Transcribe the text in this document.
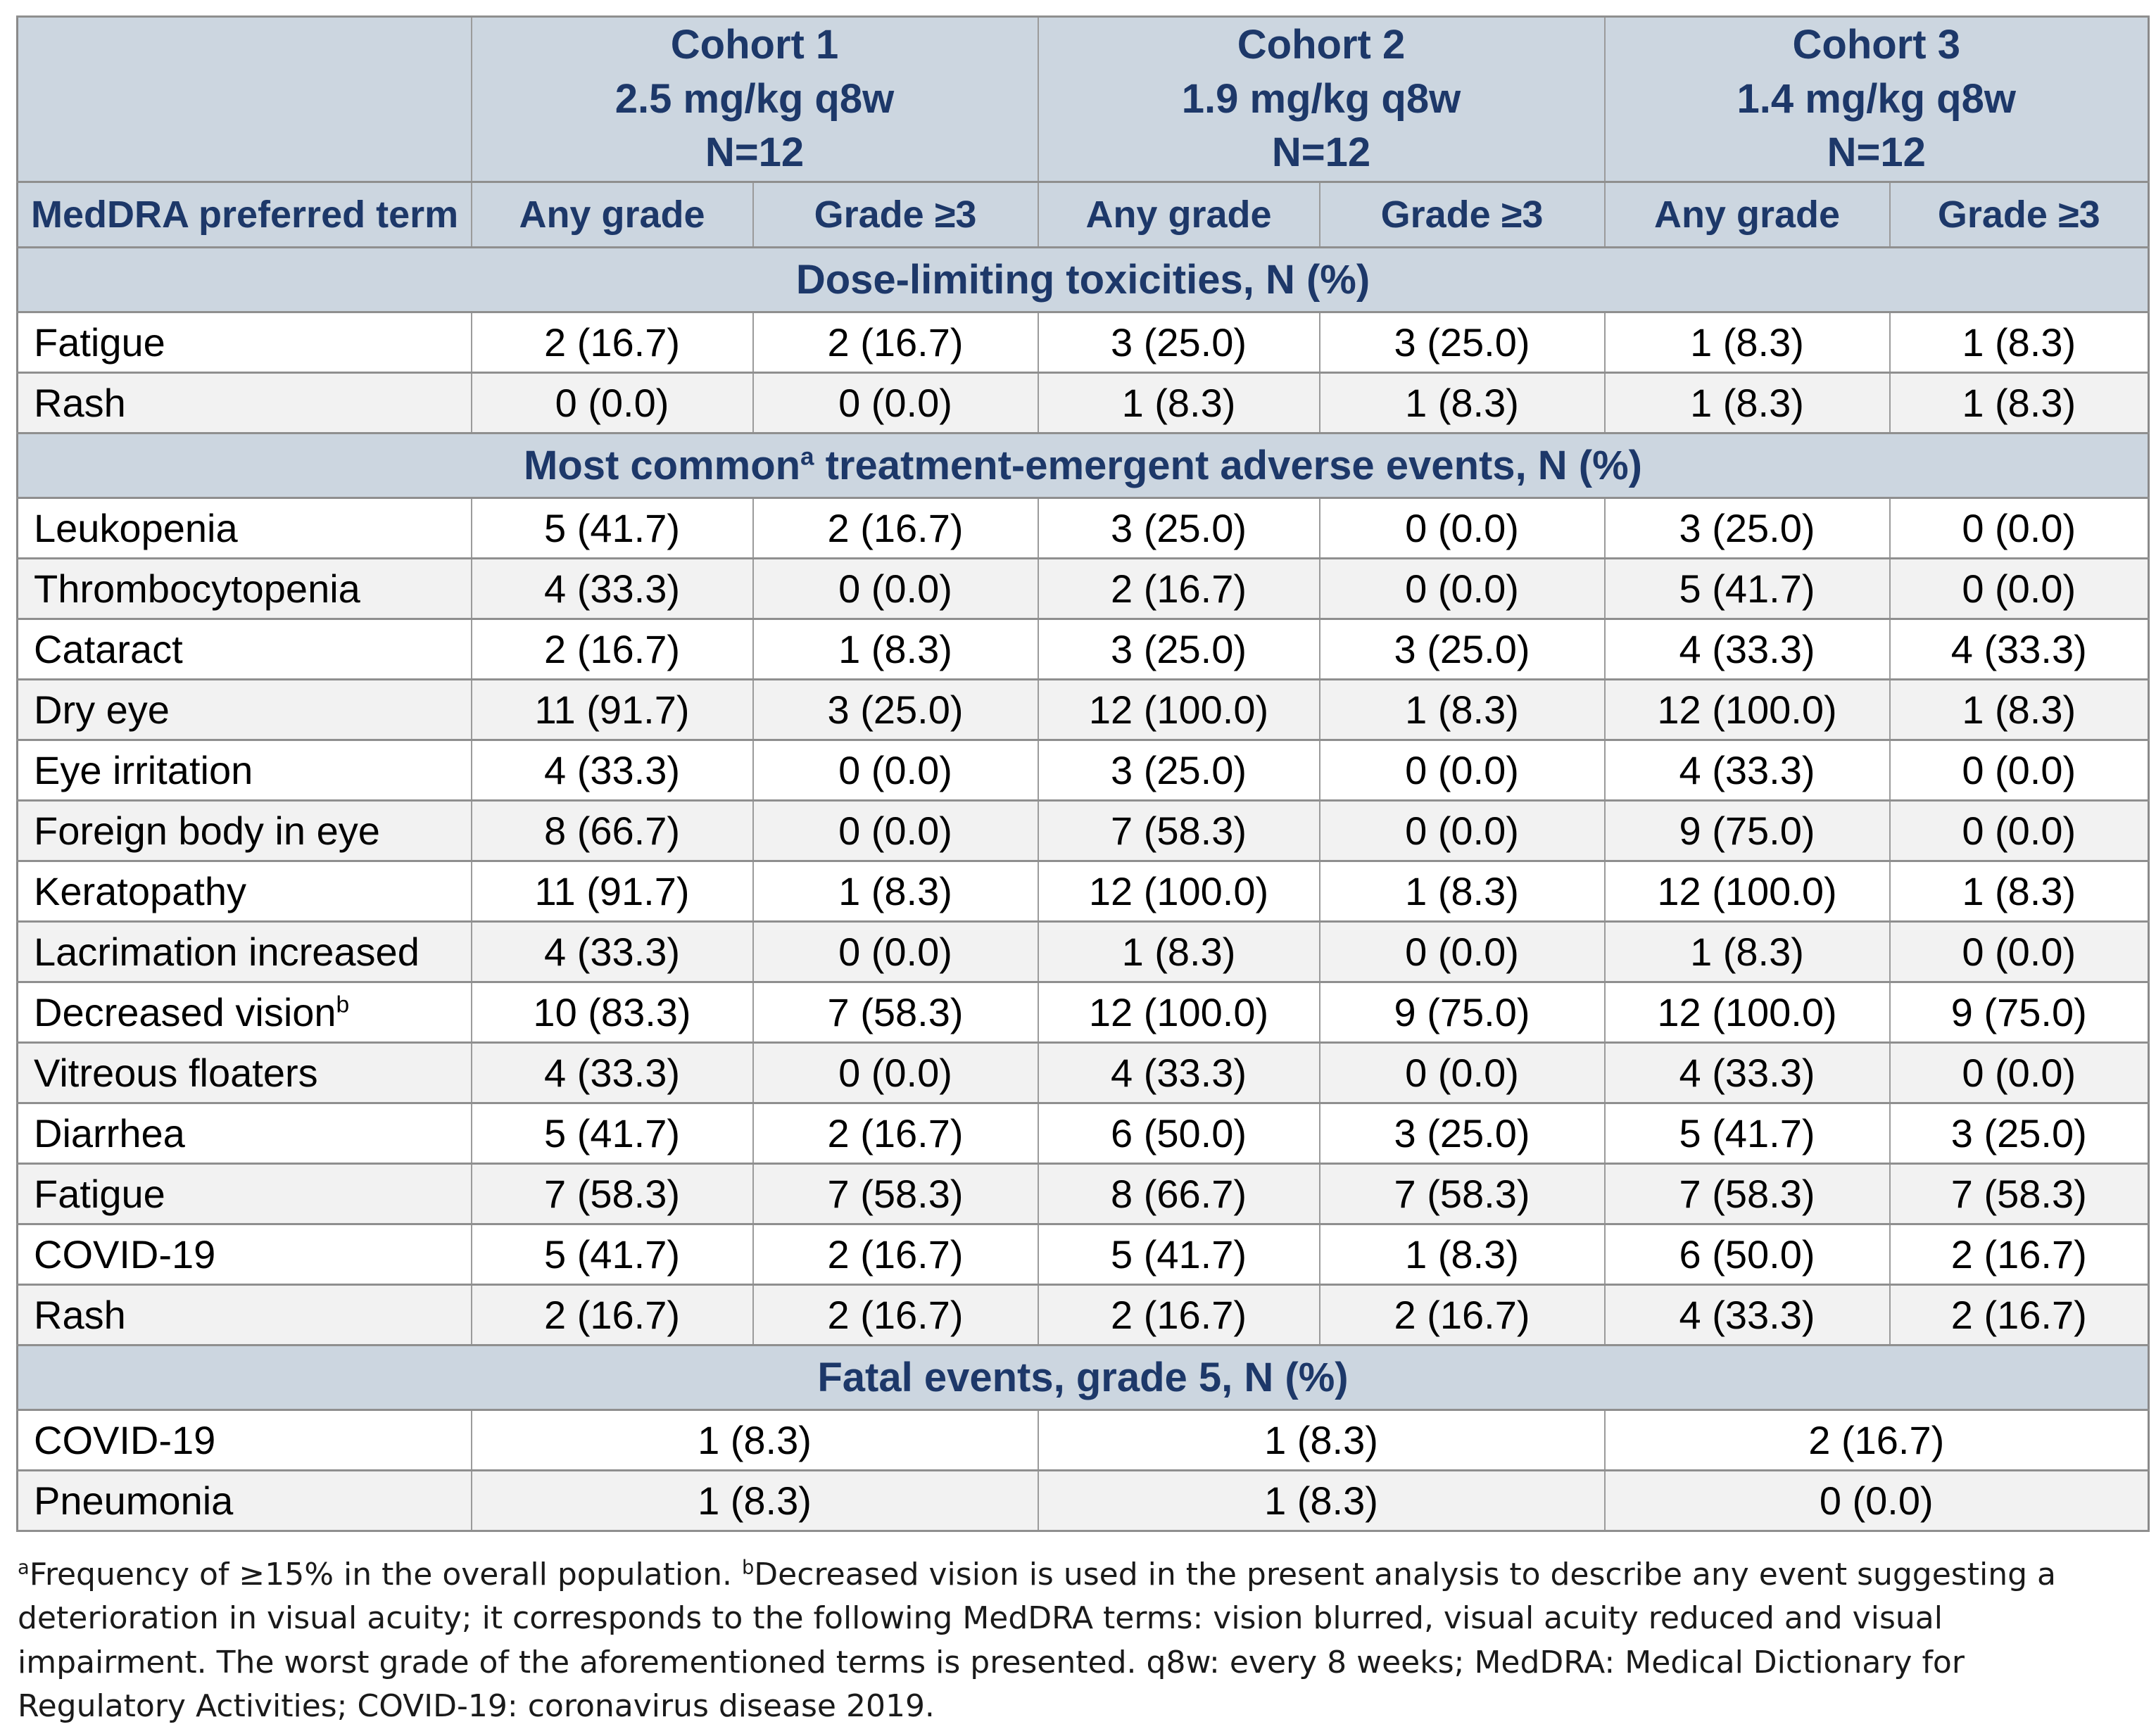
Cohort 1
2.5 mg/kg q8w
N=12

Cohort 2
1.9 mg/kg q8w
N=12

Cohort 3
1.4 mg/kg q8w
N=12

MedDRA preferred term	Any grade	Grade ≥3	Any grade	Grade ≥3	Any grade	Grade ≥3
Dose-limiting toxicities, N (%)						
Fatigue	2 (16.7)	2 (16.7)	3 (25.0)	3 (25.0)	1 (8.3)	1 (8.3)
Rash	0 (0.0)	0 (0.0)	1 (8.3)	1 (8.3)	1 (8.3)	1 (8.3)
Most common$^a$ treatment-emergent adverse events, N (%)						
Leukopenia	5 (41.7)	2 (16.7)	3 (25.0)	0 (0.0)	3 (25.0)	0 (0.0)
Thrombocytopenia	4 (33.3)	0 (0.0)	2 (16.7)	0 (0.0)	5 (41.7)	0 (0.0)
Cataract	2 (16.7)	1 (8.3)	3 (25.0)	3 (25.0)	4 (33.3)	4 (33.3)
Dry eye	11 (91.7)	3 (25.0)	12 (100.0)	1 (8.3)	12 (100.0)	1 (8.3)
Eye irritation	4 (33.3)	0 (0.0)	3 (25.0)	0 (0.0)	4 (33.3)	0 (0.0)
Foreign body in eye	8 (66.7)	0 (0.0)	7 (58.3)	0 (0.0)	9 (75.0)	0 (0.0)
Keratopathy	11 (91.7)	1 (8.3)	12 (100.0)	1 (8.3)	12 (100.0)	1 (8.3)
Lacrimation increased	4 (33.3)	0 (0.0)	1 (8.3)	0 (0.0)	1 (8.3)	0 (0.0)
Decreased vision$^b$	10 (83.3)	7 (58.3)	12 (100.0)	9 (75.0)	12 (100.0)	9 (75.0)
Vitreous floaters	4 (33.3)	0 (0.0)	4 (33.3)	0 (0.0)	4 (33.3)	0 (0.0)
Diarrhea	5 (41.7)	2 (16.7)	6 (50.0)	3 (25.0)	5 (41.7)	3 (25.0)
Fatigue	7 (58.3)	7 (58.3)	8 (66.7)	7 (58.3)	7 (58.3)	7 (58.3)
COVID-19	5 (41.7)	2 (16.7)	5 (41.7)	1 (8.3)	6 (50.0)	2 (16.7)
Rash	2 (16.7)	2 (16.7)	2 (16.7)	2 (16.7)	4 (33.3)	2 (16.7)
Fatal events, grade 5, N (%)						
COVID-19	1 (8.3)		1 (8.3)		2 (16.7)	
Pneumonia	1 (8.3)		1 (8.3)		0 (0.0)	

$^a$Frequency of ≥15% in the overall population. $^b$Decreased vision is used in the present analysis to describe any event suggesting a deterioration in visual acuity; it corresponds to the following MedDRA terms: vision blurred, visual acuity reduced and visual impairment. The worst grade of the aforementioned terms is presented. q8w: every 8 weeks; MedDRA: Medical Dictionary for Regulatory Activities; COVID-19: coronavirus disease 2019.
